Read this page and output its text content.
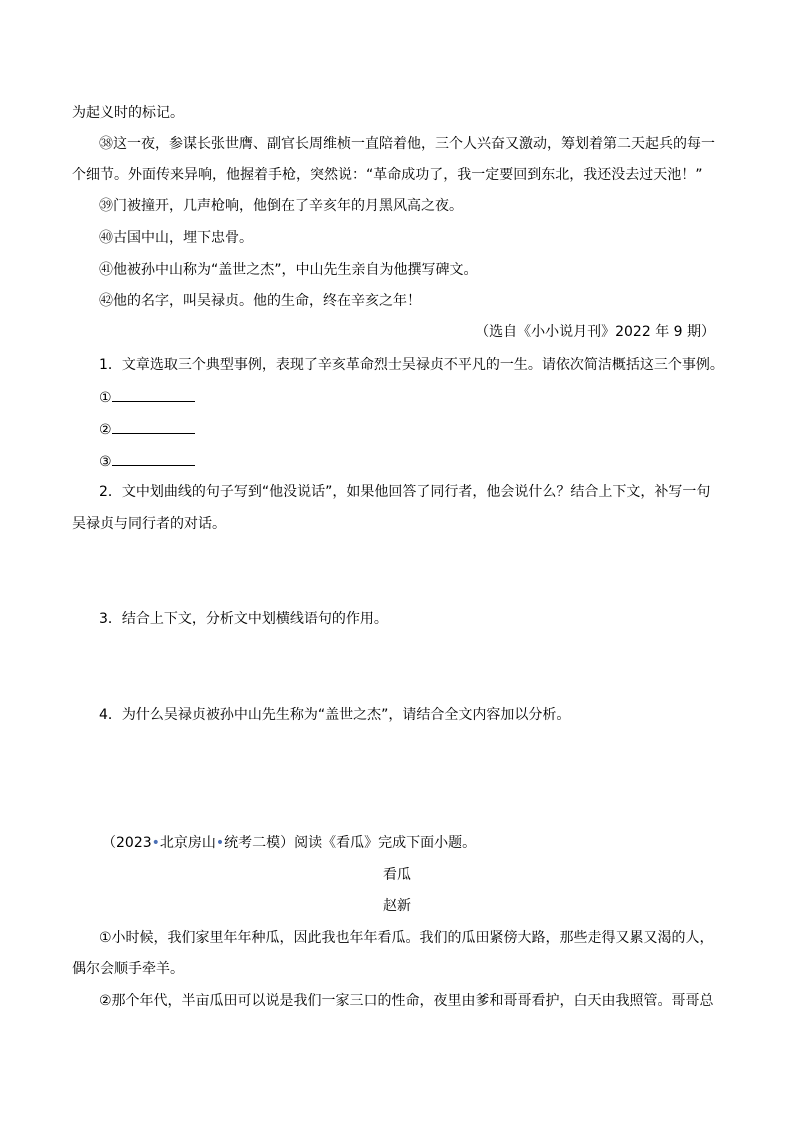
为起义时的标记。
㊳这一夜，参谋长张世膺、副官长周维桢一直陪着他，三个人兴奋又激动，筹划着第二天起兵的每一
个细节。外面传来异响，他握着手枪，突然说：“革命成功了，我一定要回到东北，我还没去过天池！”
㊴门被撞开，几声枪响，他倒在了辛亥年的月黑风高之夜。
㊵古国中山，埋下忠骨。
㊶他被孙中山称为“盖世之杰”，中山先生亲自为他撰写碑文。
㊷他的名字，叫吴禄贞。他的生命，终在辛亥之年！
（选自《小小说月刊》2022 年 9 期）
1．文章选取三个典型事例，表现了辛亥革命烈士吴禄贞不平凡的一生。请依次简洁概括这三个事例。
①
②
③
2．文中划曲线的句子写到“他没说话”，如果他回答了同行者，他会说什么？结合上下文，补写一句
吴禄贞与同行者的对话。
3．结合上下文，分析文中划横线语句的作用。
4．为什么吴禄贞被孙中山先生称为“盖世之杰”，请结合全文内容加以分析。
（2023•北京房山•统考二模）阅读《看瓜》完成下面小题。
看瓜
赵新
①小时候，我们家里年年种瓜，因此我也年年看瓜。我们的瓜田紧傍大路，那些走得又累又渴的人，
偶尔会顺手牵羊。
②那个年代，半亩瓜田可以说是我们一家三口的性命，夜里由爹和哥哥看护，白天由我照管。哥哥总
